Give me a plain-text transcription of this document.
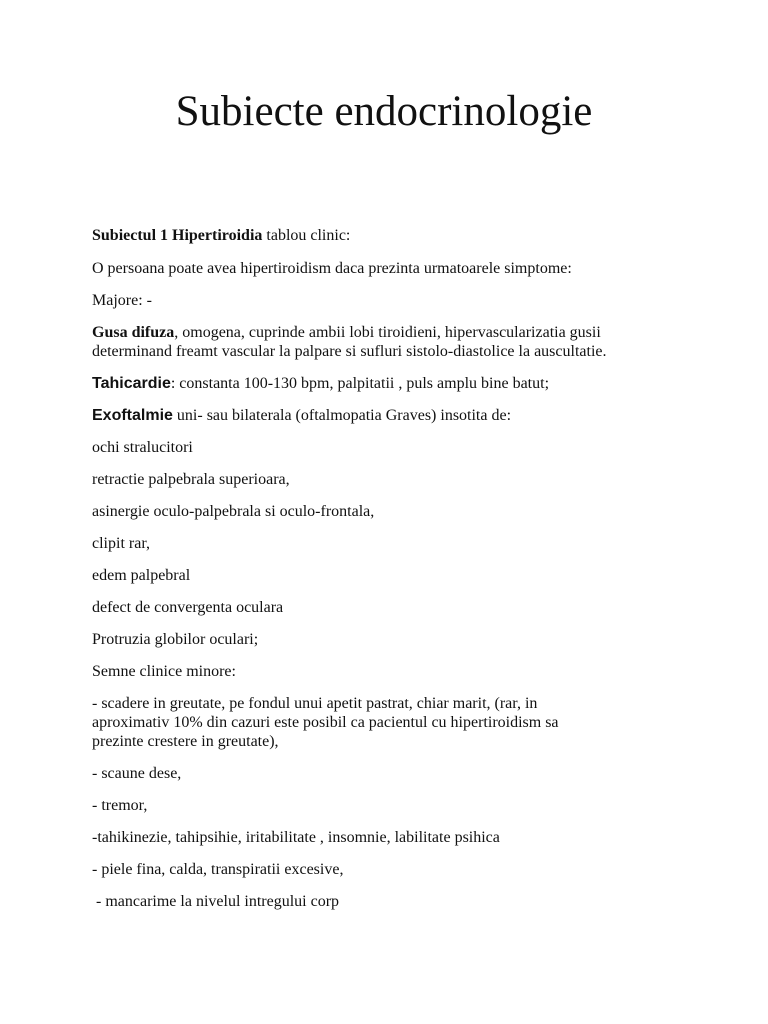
Subiecte endocrinologie

Subiectul 1 Hipertiroidia tablou clinic:

O persoana poate avea hipertiroidism daca prezinta urmatoarele simptome:

Majore: -

Gusa difuza, omogena, cuprinde ambii lobi tiroidieni, hipervascularizatia gusii

determinand freamt vascular la palpare si sufluri sistolo-diastolice la auscultatie.

Tahicardie: constanta 100-130 bpm, palpitatii , puls amplu bine batut;

Exoftalmie uni- sau bilaterala (oftalmopatia Graves) insotita de:

ochi stralucitori

retractie palpebrala superioara,

asinergie oculo-palpebrala si oculo-frontala,

clipit rar,

edem palpebral

defect de convergenta oculara

Protruzia globilor oculari;

Semne clinice minore:

- scadere in greutate, pe fondul unui apetit pastrat, chiar marit, (rar, in

aproximativ 10% din cazuri este posibil ca pacientul cu hipertiroidism sa

prezinte crestere in greutate),

- scaune dese,

- tremor,

-tahikinezie, tahipsihie, iritabilitate , insomnie, labilitate psihica

- piele fina, calda, transpiratii excesive,

- mancarime la nivelul intregului corp
